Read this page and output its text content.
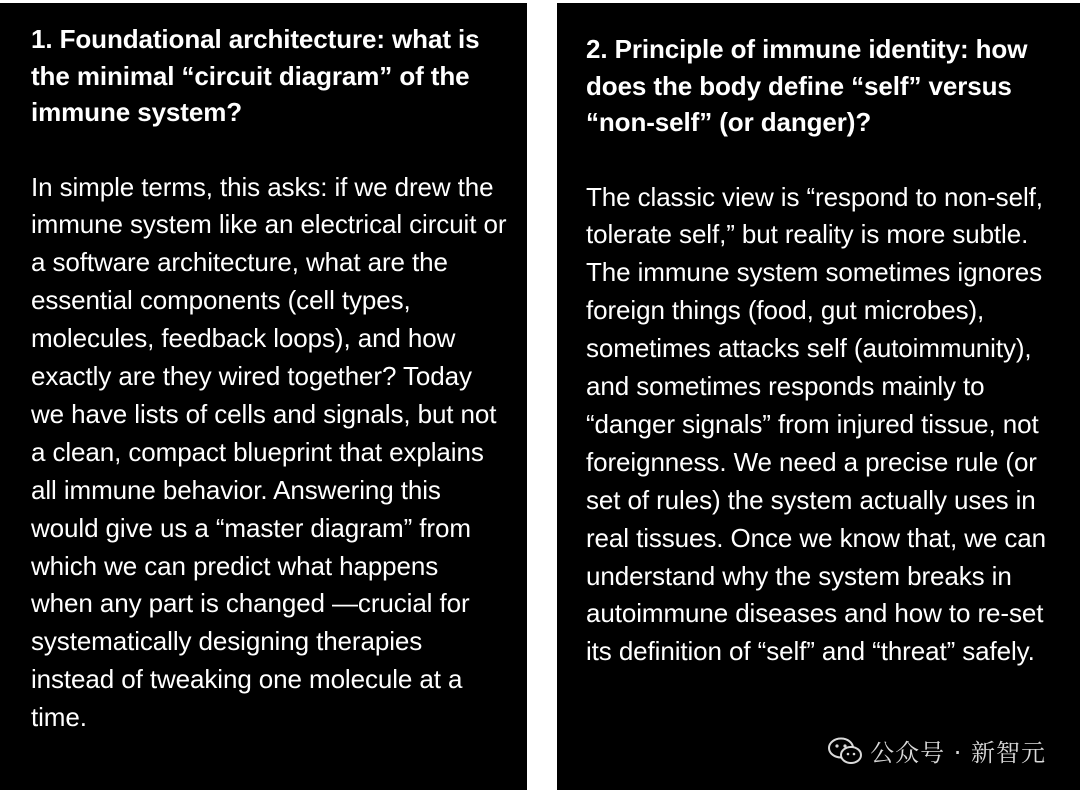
1. Foundational architecture: what is the minimal “circuit diagram” of the immune system?

In simple terms, this asks: if we drew the immune system like an electrical circuit or a software architecture, what are the essential components (cell types, molecules, feedback loops), and how exactly are they wired together? Today we have lists of cells and signals, but not a clean, compact blueprint that explains all immune behavior. Answering this would give us a “master diagram” from which we can predict what happens when any part is changed —crucial for systematically designing therapies instead of tweaking one molecule at a time.

2. Principle of immune identity: how does the body define “self” versus “non-self” (or danger)?

The classic view is “respond to non-self, tolerate self,” but reality is more subtle. The immune system sometimes ignores foreign things (food, gut microbes), sometimes attacks self (autoimmunity), and sometimes responds mainly to “danger signals” from injured tissue, not foreignness. We need a precise rule (or set of rules) the system actually uses in real tissues. Once we know that, we can understand why the system breaks in autoimmune diseases and how to re-set its definition of “self” and “threat” safely.

公众号 · 新智元
